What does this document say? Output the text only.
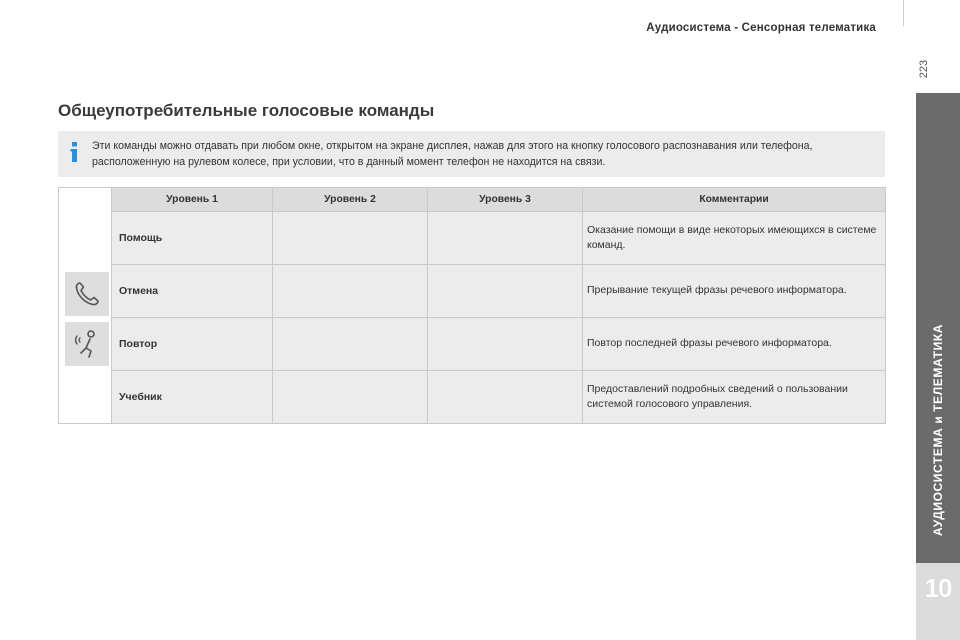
Аудиосистема - Сенсорная телематика
223
АУДИОСИСТЕМА и ТЕЛЕМАТИКА
10
Общеупотребительные голосовые команды
Эти команды можно отдавать при любом окне, открытом на экране дисплея, нажав для этого на кнопку голосового распознавания или телефона, расположенную на рулевом колесе, при условии, что в данный момент телефон не находится на связи.
	Уровень 1	Уровень 2	Уровень 3	Комментарии
	Помощь			Оказание помощи в виде некоторых имеющихся в системе команд.
	Отмена			Прерывание текущей фразы речевого информатора.
	Повтор			Повтор последней фразы речевого информатора.
	Учебник			Предоставлений подробных сведений о пользовании системой голосового управления.
